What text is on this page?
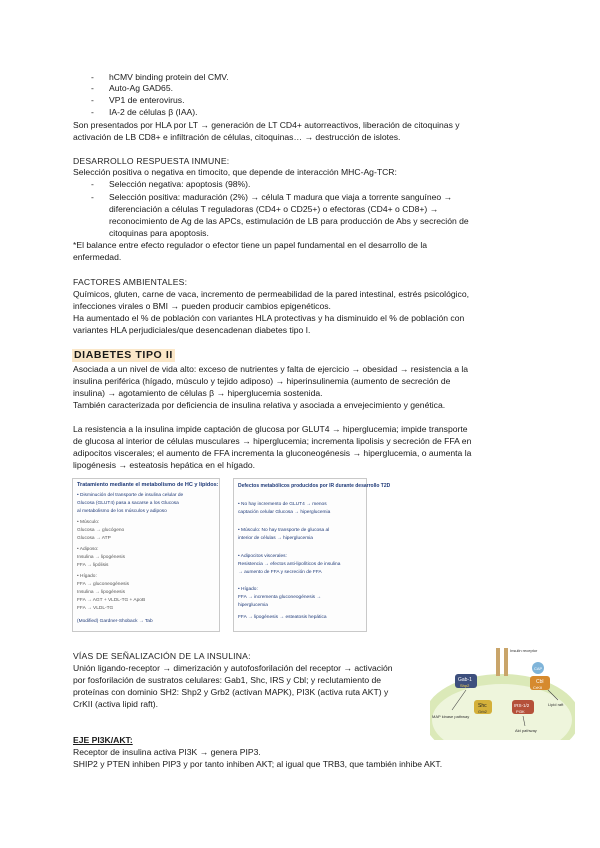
- hCMV binding protein del CMV.
- Auto-Ag GAD65.
- VP1 de enterovirus.
- IA-2 de células β (IAA).
Son presentados por HLA por LT → generación de LT CD4+ autorreactivos, liberación de citoquinas y
activación de LB CD8+ e infiltración de células, citoquinas… → destrucción de islotes.
DESARROLLO RESPUESTA INMUNE:
Selección positiva o negativa en timocito, que depende de interacción MHC-Ag-TCR:
- Selección negativa: apoptosis (98%).
- Selección positiva: maduración (2%) → célula T madura que viaja a torrente sanguíneo →
diferenciación a células T reguladoras (CD4+ o CD25+) o efectoras (CD4+ o CD8+) →
reconocimiento de Ag de las APCs, estimulación de LB para producción de Abs y secreción de
citoquinas para apoptosis.
*El balance entre efecto regulador o efector tiene un papel fundamental en el desarrollo de la
enfermedad.
FACTORES AMBIENTALES:
Químicos, gluten, carne de vaca, incremento de permeabilidad de la pared intestinal, estrés psicológico,
infecciones virales o BMI → pueden producir cambios epigenéticos.
Ha aumentado el % de población con variantes HLA protectivas y ha disminuido el % de población con
variantes HLA perjudiciales/que desencadenan diabetes tipo I.
DIABETES TIPO II
Asociada a un nivel de vida alto: exceso de nutrientes y falta de ejercicio → obesidad → resistencia a la
insulina periférica (hígado, músculo y tejido adiposo) → hiperinsulinemia (aumento de secreción de
insulina) → agotamiento de células β → hiperglucemia sostenida.
También caracterizada por deficiencia de insulina relativa y asociada a envejecimiento y genética.
La resistencia a la insulina impide captación de glucosa por GLUT4 → hiperglucemia; impide transporte
de glucosa al interior de células musculares → hiperglucemia; incrementa lipolisis y secreción de FFA en
adipocitos viscerales; el aumento de FFA incrementa la gluconeogénesis → hiperglucemia, o aumenta la
lipogénesis → esteatosis hepática en el hígado.
Tratamiento mediante el metabolismo de HC y lípidos:
• Disminución del transporte de insulina celular de
Glucosa (GLUT4) pasa a sacarse a los Glucosa
al metabolismo de los músculos y adiposo
• Músculo:
Glucosa → glucógeno
Glucosa → ATP
• Adiposo:
Insulina → lipogénesis
FFA → lipólisis
• Hígado:
FFA → gluconeogénesis
Insulina → lipogénesis
FFA → AGT + VLDL-TG + ApoB
FFA → VLDL-TG
(Modified) Gardner-Shoback → Tab
Defectos metabólicos producidos por IR durante desarrollo T2D
• No hay incremento de GLUT4 → menos
captación celular Glucosa → hiperglucemia
• Músculo: No hay transporte de glucosa al
interior de células → hiperglucemia
• Adipocitos viscerales:
Resistencia → efectos anti-lipolíticos de insulina
→ aumento de FFA y secreción de FFA
• Hígado:
FFA → incrementa gluconeogénesis →
hiperglucemia
FFA → lipogénesis → esteatosis hepática
VÍAS DE SEÑALIZACIÓN DE LA INSULINA:
Unión ligando-receptor → dimerización y autofosforilación del receptor → activación
por fosforilación de sustratos celulares: Gab1, Shc, IRS y Cbl; y reclutamiento de
proteínas con dominio SH2: Shp2 y Grb2 (activan MAPK), PI3K (activa ruta AKT) y
CrKII (activa lipid raft).
Insulin receptor
CAP
Gab-1
Shp2
Cbl
CrKII
Shc
Grb2
IRS-1/2
PI3K
MAP kinase pathway
Akt pathway
Lipid raft
EJE PI3K/AKT:
Receptor de insulina activa PI3K → genera PIP3.
SHIP2 y PTEN inhiben PIP3 y por tanto inhiben AKT; al igual que TRB3, que también inhibe AKT.
